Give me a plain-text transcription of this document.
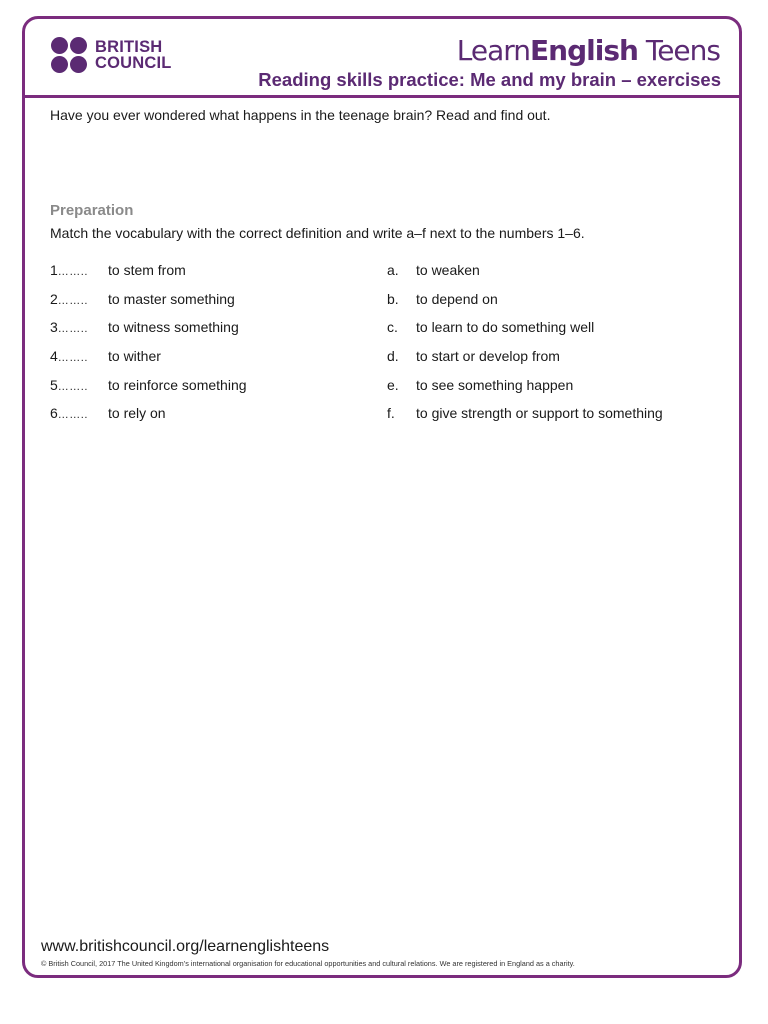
BRITISH
COUNCIL	LearnEnglish Teens
Reading skills practice: Me and my brain – exercises
Have you ever wondered what happens in the teenage brain? Read and find out.
Preparation
Match the vocabulary with the correct definition and write a–f next to the numbers 1–6.
1…….. to stem from	a. to weaken
2…….. to master something	b. to depend on
3…….. to witness something	c. to learn to do something well
4…….. to wither	d. to start or develop from
5…….. to reinforce something	e. to see something happen
6…….. to rely on	f. to give strength or support to something
www.britishcouncil.org/learnenglishteens
© British Council, 2017 The United Kingdom’s international organisation for educational opportunities and cultural relations. We are registered in England as a charity.
